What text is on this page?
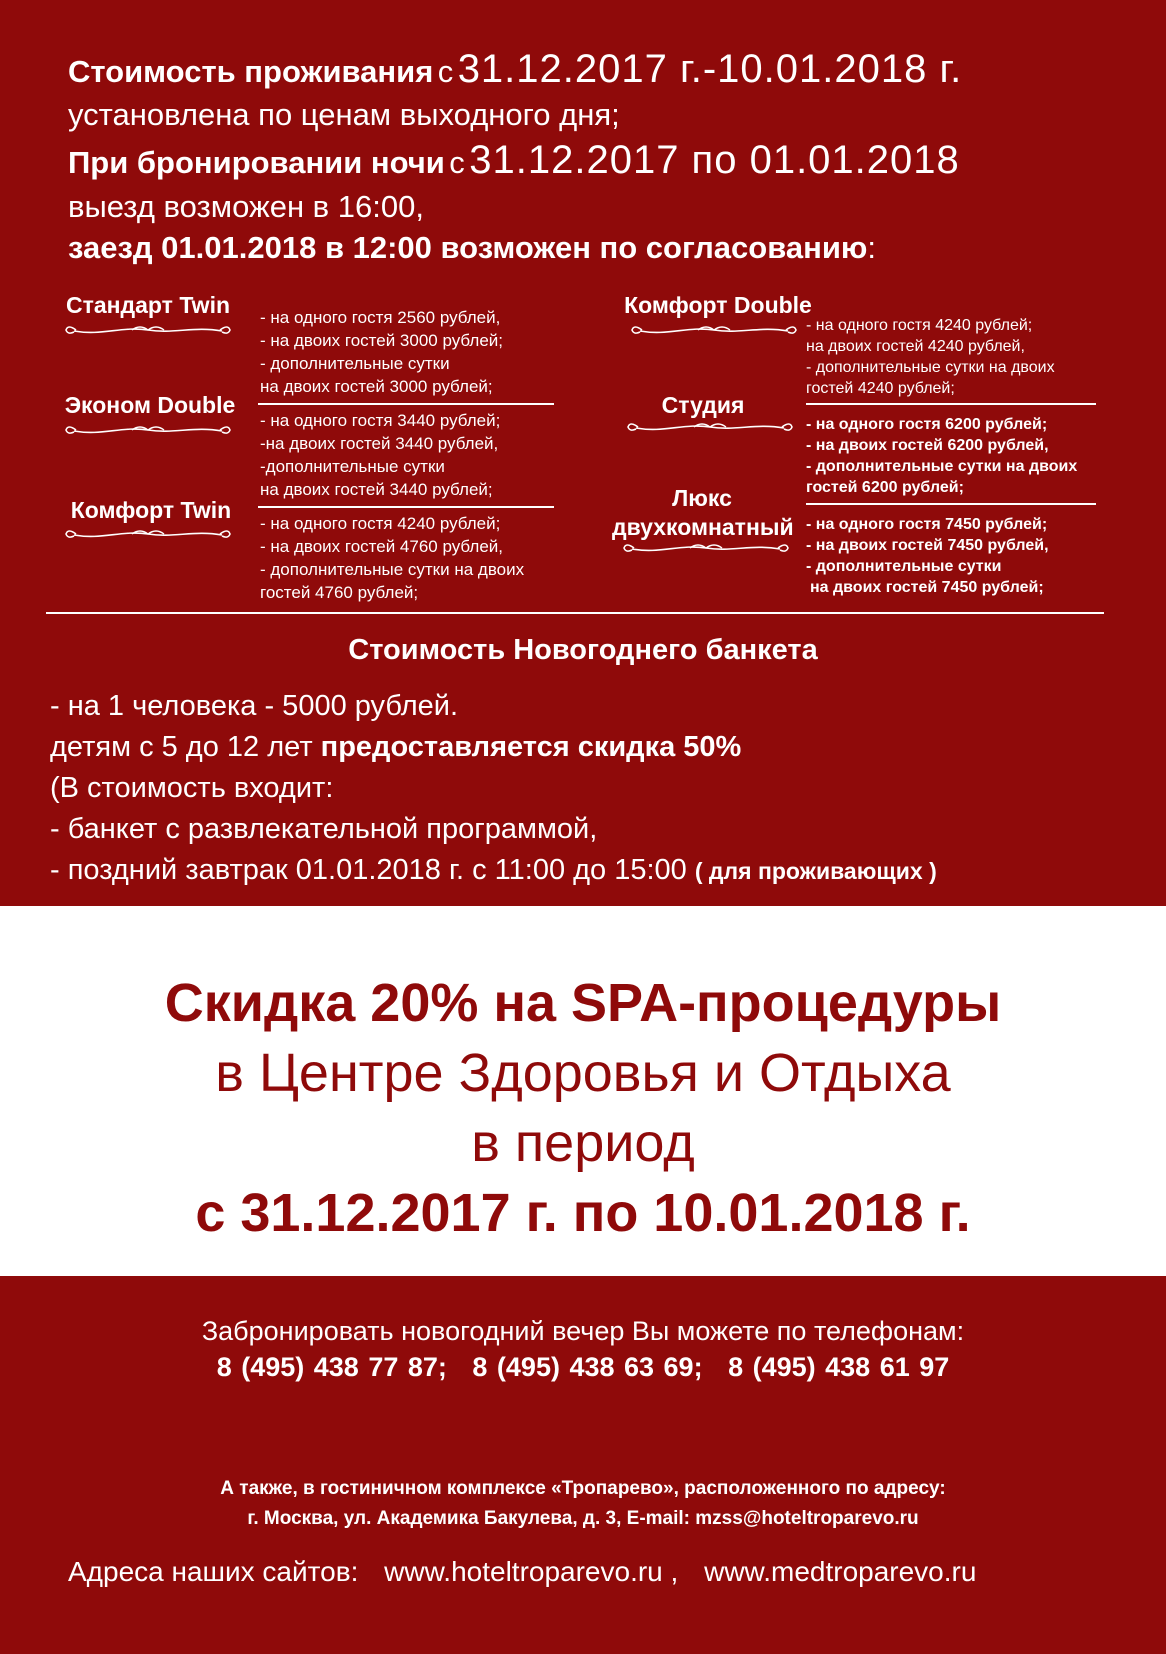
Стоимость проживания с 31.12.2017 г.-10.01.2018 г.
установлена по ценам выходного дня;
При бронировании ночи с 31.12.2017 по 01.01.2018
выезд возможен в 16:00,
заезд 01.01.2018 в 12:00 возможен по согласованию:
Стандарт Twin	- на одного гостя 2560 рублей,
- на двоих гостей 3000 рублей;
- дополнительные сутки
на двоих гостей 3000 рублей;
Эконом Double
- на одного гостя 3440 рублей;
-на двоих гостей 3440 рублей,
-дополнительные сутки
на двоих гостей 3440 рублей;
Комфорт Twin
- на одного гостя 4240 рублей;
- на двоих гостей 4760 рублей,
- дополнительные сутки на двоих
гостей 4760 рублей;
Комфорт Double
- на одного гостя 4240 рублей;
на двоих гостей 4240 рублей,
- дополнительные сутки на двоих
гостей 4240 рублей;
Студия
- на одного гостя 6200 рублей;
- на двоих гостей 6200 рублей,
- дополнительные сутки на двоих
гостей 6200 рублей;
Люкс
двухкомнатный - на одного гостя 7450 рублей;
- на двоих гостей 7450 рублей,
- дополнительные сутки
на двоих гостей 7450 рублей;
Стоимость Новогоднего банкета
- на 1 человека - 5000 рублей.
детям с 5 до 12 лет предоставляется скидка 50%
(В стоимость входит:
- банкет с развлекательной программой,
- поздний завтрак 01.01.2018 г. с 11:00 до 15:00 ( для проживающих )
Скидка 20% на SPA-процедуры
в Центре Здоровья и Отдыха
в период
с 31.12.2017 г. по 10.01.2018 г.
Забронировать новогодний вечер Вы можете по телефонам:
8 (495) 438 77 87; 8 (495) 438 63 69; 8 (495) 438 61 97
А также, в гостиничном комплексе «Тропарево», расположенного по адресу:
г. Москва, ул. Академика Бакулева, д. 3, E-mail: mzss@hoteltroparevo.ru
Адреса наших сайтов: www.hoteltroparevo.ru , www.medtroparevo.ru
